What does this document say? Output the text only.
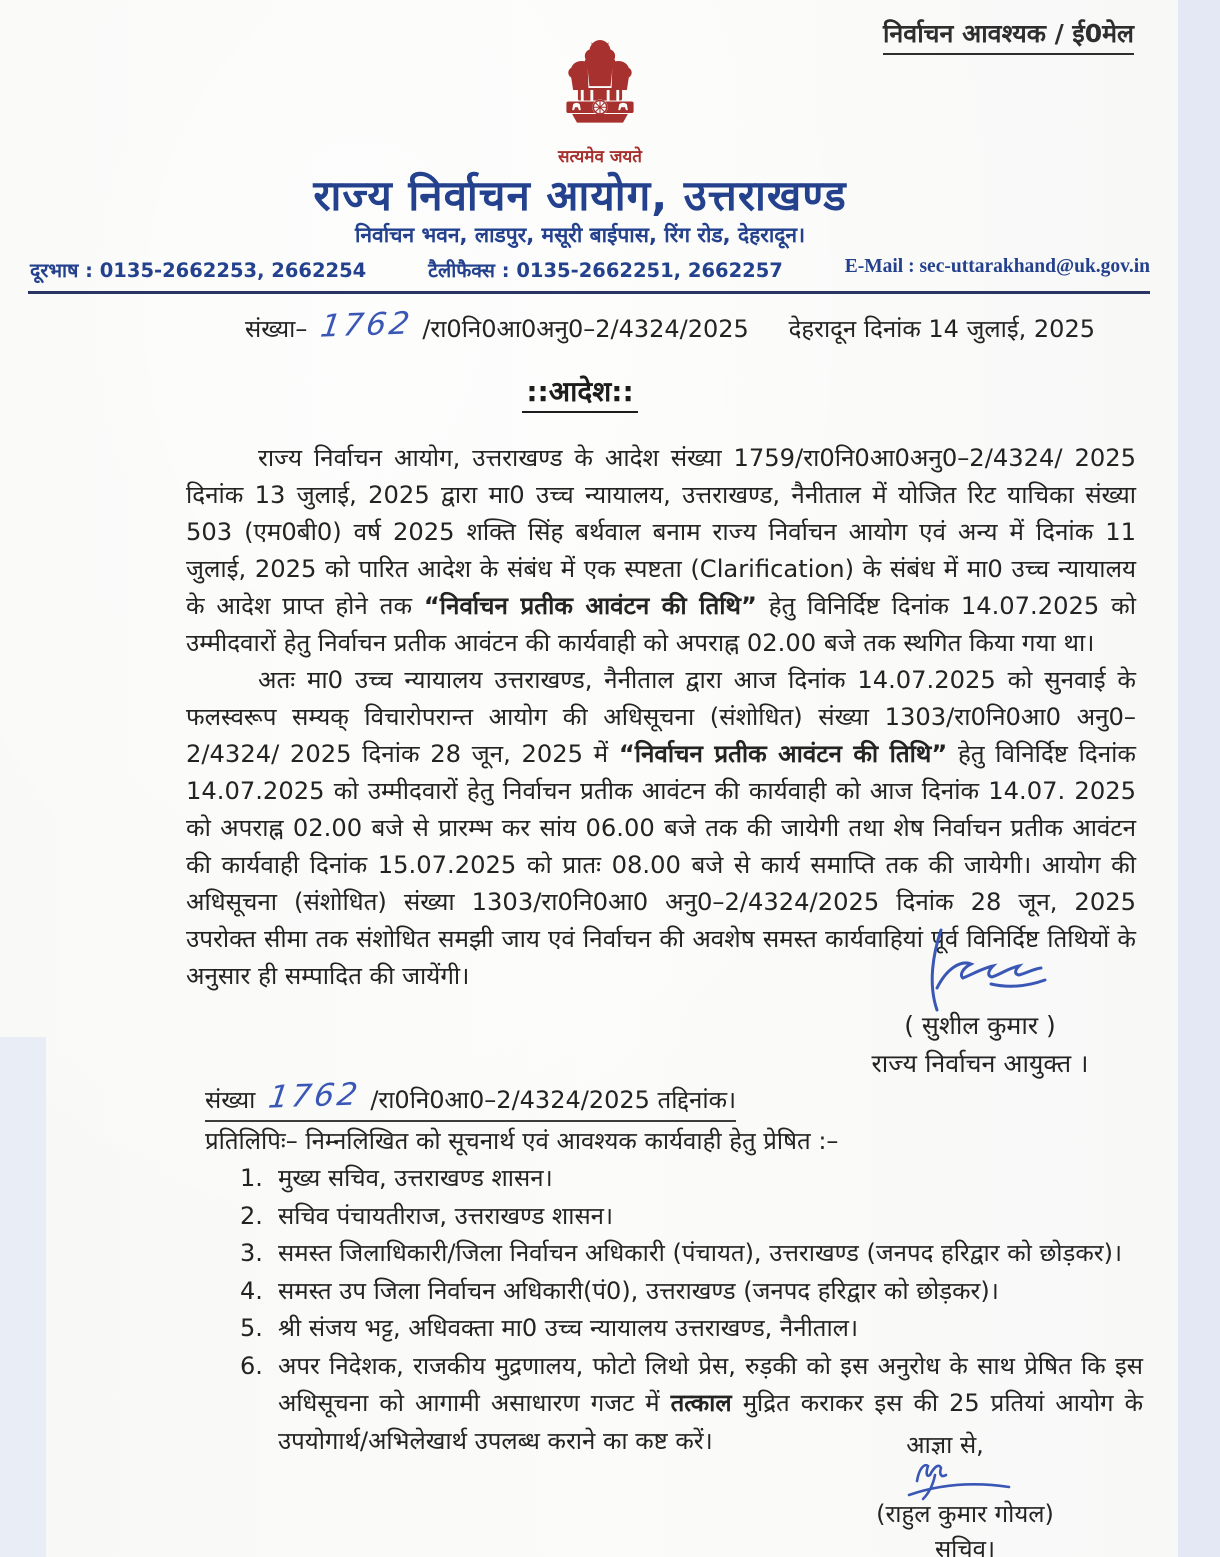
निर्वाचन आवश्यक / ई0मेल
सत्यमेव जयते
राज्य निर्वाचन आयोग, उत्तराखण्ड
निर्वाचन भवन, लाडपुर, मसूरी बाईपास, रिंग रोड, देहरादून।
दूरभाष : 0135-2662253, 2662254	टैलीफैक्स : 0135-2662251, 2662257	E-Mail : sec-uttarakhand@uk.gov.in
संख्या– 1762 /रा0नि0आ0अनु0–2/4324/2025 देहरादून दिनांक 14 जुलाई, 2025
::आदेश::
राज्य निर्वाचन आयोग, उत्तराखण्ड के आदेश संख्या 1759/रा0नि0आ0अनु0–2/4324/ 2025 दिनांक 13 जुलाई, 2025 द्वारा मा0 उच्च न्यायालय, उत्तराखण्ड, नैनीताल में योजित रिट याचिका संख्या 503 (एम0बी0) वर्ष 2025 शक्ति सिंह बर्थवाल बनाम राज्य निर्वाचन आयोग एवं अन्य में दिनांक 11 जुलाई, 2025 को पारित आदेश के संबंध में एक स्पष्टता (Clarification) के संबंध में मा0 उच्च न्यायालय के आदेश प्राप्त होने तक “निर्वाचन प्रतीक आवंटन की तिथि” हेतु विनिर्दिष्ट दिनांक 14.07.2025 को उम्मीदवारों हेतु निर्वाचन प्रतीक आवंटन की कार्यवाही को अपराह्न 02.00 बजे तक स्थगित किया गया था।
अतः मा0 उच्च न्यायालय उत्तराखण्ड, नैनीताल द्वारा आज दिनांक 14.07.2025 को सुनवाई के फलस्वरूप सम्यक् विचारोपरान्त आयोग की अधिसूचना (संशोधित) संख्या 1303/रा0नि0आ0 अनु0–2/4324/ 2025 दिनांक 28 जून, 2025 में “निर्वाचन प्रतीक आवंटन की तिथि” हेतु विनिर्दिष्ट दिनांक 14.07.2025 को उम्मीदवारों हेतु निर्वाचन प्रतीक आवंटन की कार्यवाही को आज दिनांक 14.07. 2025 को अपराह्न 02.00 बजे से प्रारम्भ कर सांय 06.00 बजे तक की जायेगी तथा शेष निर्वाचन प्रतीक आवंटन की कार्यवाही दिनांक 15.07.2025 को प्रातः 08.00 बजे से कार्य समाप्ति तक की जायेगी। आयोग की अधिसूचना (संशोधित) संख्या 1303/रा0नि0आ0 अनु0–2/4324/2025 दिनांक 28 जून, 2025 उपरोक्त सीमा तक संशोधित समझी जाय एवं निर्वाचन की अवशेष समस्त कार्यवाहियां पूर्व विनिर्दिष्ट तिथियों के अनुसार ही सम्पादित की जायेंगी।
( सुशील कुमार )
राज्य निर्वाचन आयुक्त ।
संख्या 1762 /रा0नि0आ0–2/4324/2025 तद्दिनांक।
प्रतिलिपिः– निम्नलिखित को सूचनार्थ एवं आवश्यक कार्यवाही हेतु प्रेषित :–
1. मुख्य सचिव, उत्तराखण्ड शासन।
2. सचिव पंचायतीराज, उत्तराखण्ड शासन।
3. समस्त जिलाधिकारी/जिला निर्वाचन अधिकारी (पंचायत), उत्तराखण्ड (जनपद हरिद्वार को छोड़कर)।
4. समस्त उप जिला निर्वाचन अधिकारी(पं0), उत्तराखण्ड (जनपद हरिद्वार को छोड़कर)।
5. श्री संजय भट्ट, अधिवक्ता मा0 उच्च न्यायालय उत्तराखण्ड, नैनीताल।
6. अपर निदेशक, राजकीय मुद्रणालय, फोटो लिथो प्रेस, रुड़की को इस अनुरोध के साथ प्रेषित कि इस अधिसूचना को आगामी असाधारण गजट में तत्काल मुद्रित कराकर इस की 25 प्रतियां आयोग के उपयोगार्थ/अभिलेखार्थ उपलब्ध कराने का कष्ट करें।	आज्ञा से,
(राहुल कुमार गोयल)
सचिव।
